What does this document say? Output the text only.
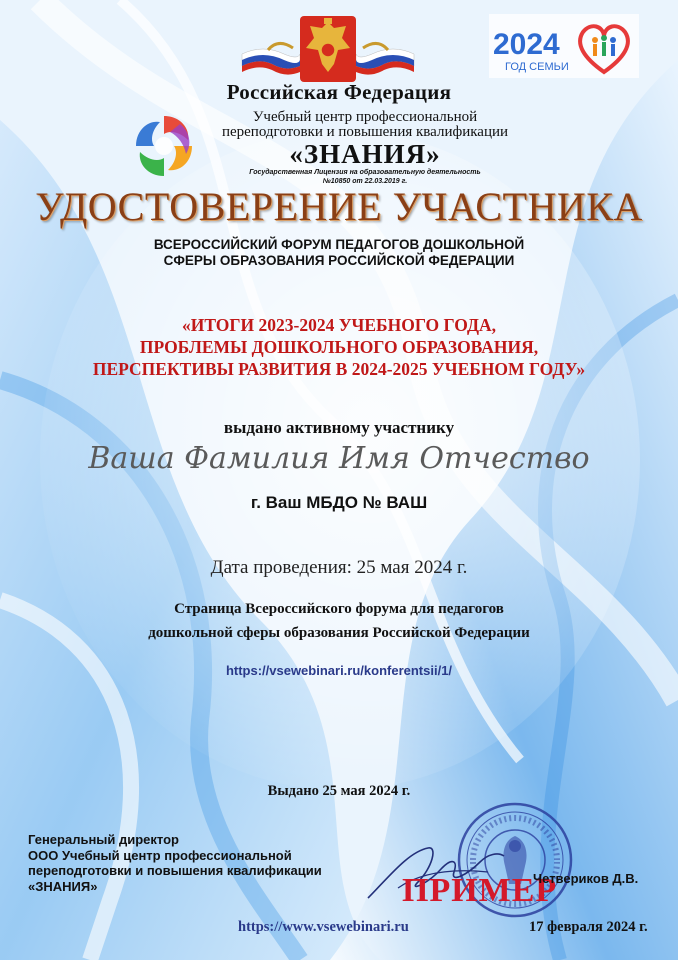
2024
ГОД СЕМЬИ
Российская Федерация
Учебный центр профессиональной
переподготовки и повышения квалификации
«ЗНАНИЯ»
Государственная Лицензия на образовательную деятельность
№10850 от 22.03.2019 г.
УДОСТОВЕРЕНИЕ УЧАСТНИКА
ВСЕРОССИЙСКИЙ ФОРУМ ПЕДАГОГОВ ДОШКОЛЬНОЙ
СФЕРЫ ОБРАЗОВАНИЯ РОССИЙСКОЙ ФЕДЕРАЦИИ
«ИТОГИ 2023-2024 УЧЕБНОГО ГОДА,
ПРОБЛЕМЫ ДОШКОЛЬНОГО ОБРАЗОВАНИЯ,
ПЕРСПЕКТИВЫ РАЗВИТИЯ В 2024-2025 УЧЕБНОМ ГОДУ»
выдано активному участнику
Ваша Фамилия Имя Отчество
г. Ваш МБДО № ВАШ
Дата проведения: 25 мая 2024 г.
Страница Всероссийского форума для педагогов
дошкольной сферы образования Российской Федерации
https://vsewebinari.ru/konferentsii/1/
Выдано 25 мая 2024 г.
Генеральный директор
ООО Учебный центр профессиональной
переподготовки и повышения квалификации
«ЗНАНИЯ»	ПРИМЕР
Четвериков Д.В.
https://www.vsewebinari.ru	17 февраля 2024 г.
